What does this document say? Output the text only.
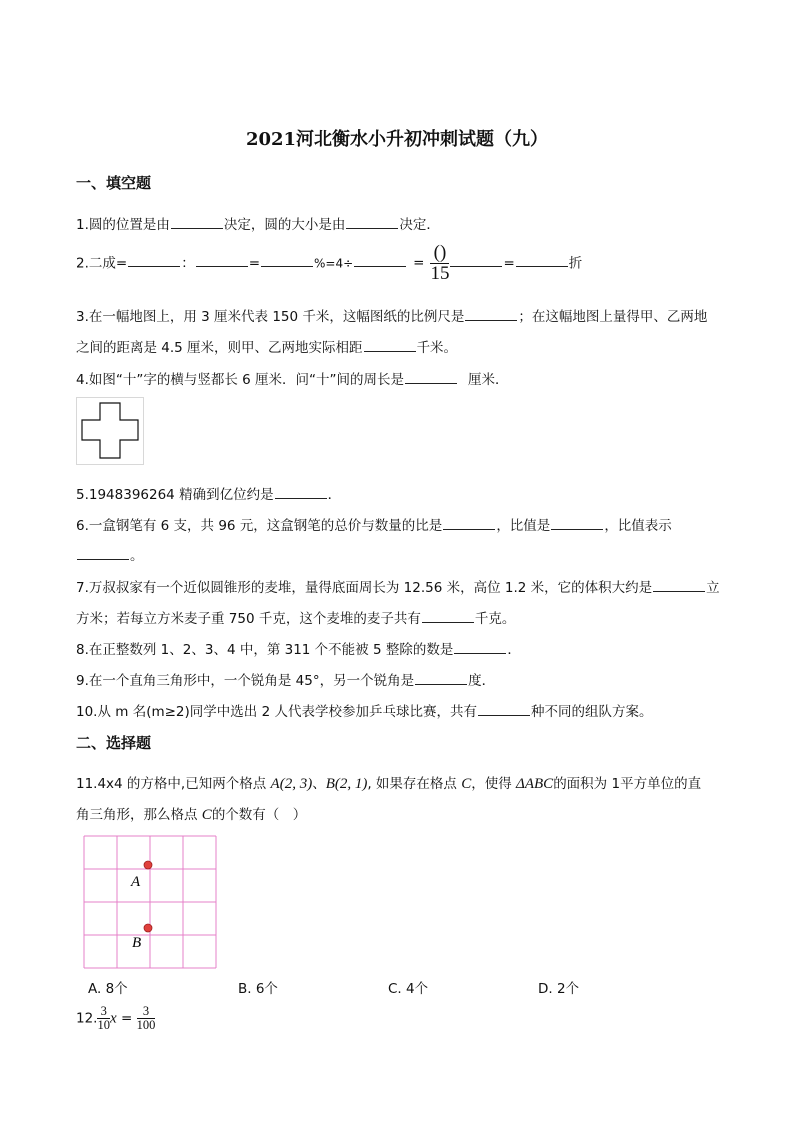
2021河北衡水小升初冲刺试题（九）
一、填空题
1.圆的位置是由	决定，圆的大小是由	决定．
2.二成=	：	=	%=4÷	= $\frac{()}{15}$	=	折
3.在一幅地图上，用 3 厘米代表 150 千米，这幅图纸的比例尺是	；在这幅地图上量得甲、乙两地
之间的距离是 4.5 厘米，则甲、乙两地实际相距	千米。
4.如图“十”字的横与竖都长 6 厘米．问“十”间的周长是	厘米．
5.1948396264 精确到亿位约是	．
6.一盒钢笔有 6 支，共 96 元，这盒钢笔的总价与数量的比是	，比值是	，比值表示
。
7.万叔叔家有一个近似圆锥形的麦堆，量得底面周长为 12.56 米，高位 1.2 米，它的体积大约是	立
方米；若每立方米麦子重 750 千克，这个麦堆的麦子共有	千克。
8.在正整数列 1、2、3、4 中，第 311 个不能被 5 整除的数是	．
9.在一个直角三角形中，一个锐角是 45°，另一个锐角是	度．
10.从 m 名(m≥2)同学中选出 2 人代表学校参加乒乓球比赛，共有	种不同的组队方案。
二、选择题
11.4x4 的方格中,已知两个格点 A(2, 3)、B(2, 1), 如果存在格点 C，使得 ΔABC的面积为 1平方单位的直
角三角形，那么格点 C的个数有（　）
A
B
A. 8个	B. 6个	C. 4个	D. 2个
12. $\frac{3}{10}$ $x = \frac{3}{100}$
